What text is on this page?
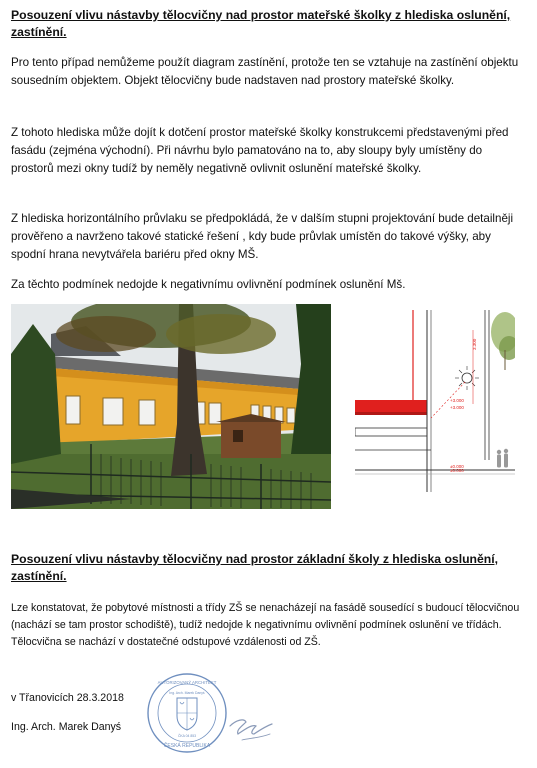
Posouzení vlivu nástavby tělocvičny nad prostor mateřské školky z hlediska oslunění, zastínění.
Pro tento případ nemůžeme použít diagram zastínění, protože ten se vztahuje na zastínění objektu sousedním objektem. Objekt tělocvičny bude nadstaven nad prostory mateřské školky.
Z tohoto hlediska může dojít k dotčení prostor mateřské školky konstrukcemi představenými před fasádu (zejména východní). Při návrhu bylo pamatováno na to, aby sloupy byly umístěny do prostorů mezi okny tudíž by neměly negativně ovlivnit oslunění mateřské školky.
Z hlediska horizontálního průvlaku se předpokládá, že v dalším stupni projektování bude detailněji prověřeno a navrženo takové statické řešení , kdy bude průvlak umístěn do takové výšky, aby spodní hrana nevytvářela bariéru před okny MŠ.
Za těchto podmínek nedojde k negativnímu ovlivnění podmínek oslunění Mš.
3.300
+3.000
+3.000
±0.000
±0.000
Posouzení vlivu nástavby tělocvičny nad prostor základní školy z hlediska oslunění, zastínění.
Lze konstatovat, že pobytové místnosti a třídy ZŠ se nenacházejí na fasádě sousedící s budoucí tělocvičnou (nachází se tam prostor schodiště), tudíž nedojde k negativnímu ovlivnění podmínek oslunění ve třídách. Tělocvična se nachází v dostatečné odstupové vzdálenosti od ZŠ.
v Třanovicích 28.3.2018
Ing. Arch. Marek Danyś
AUTORIZOVANÝ ARCHITEKT
ČESKÁ REPUBLIKA
Ing. Arch. Marek Danyś
ČKA 04 853
